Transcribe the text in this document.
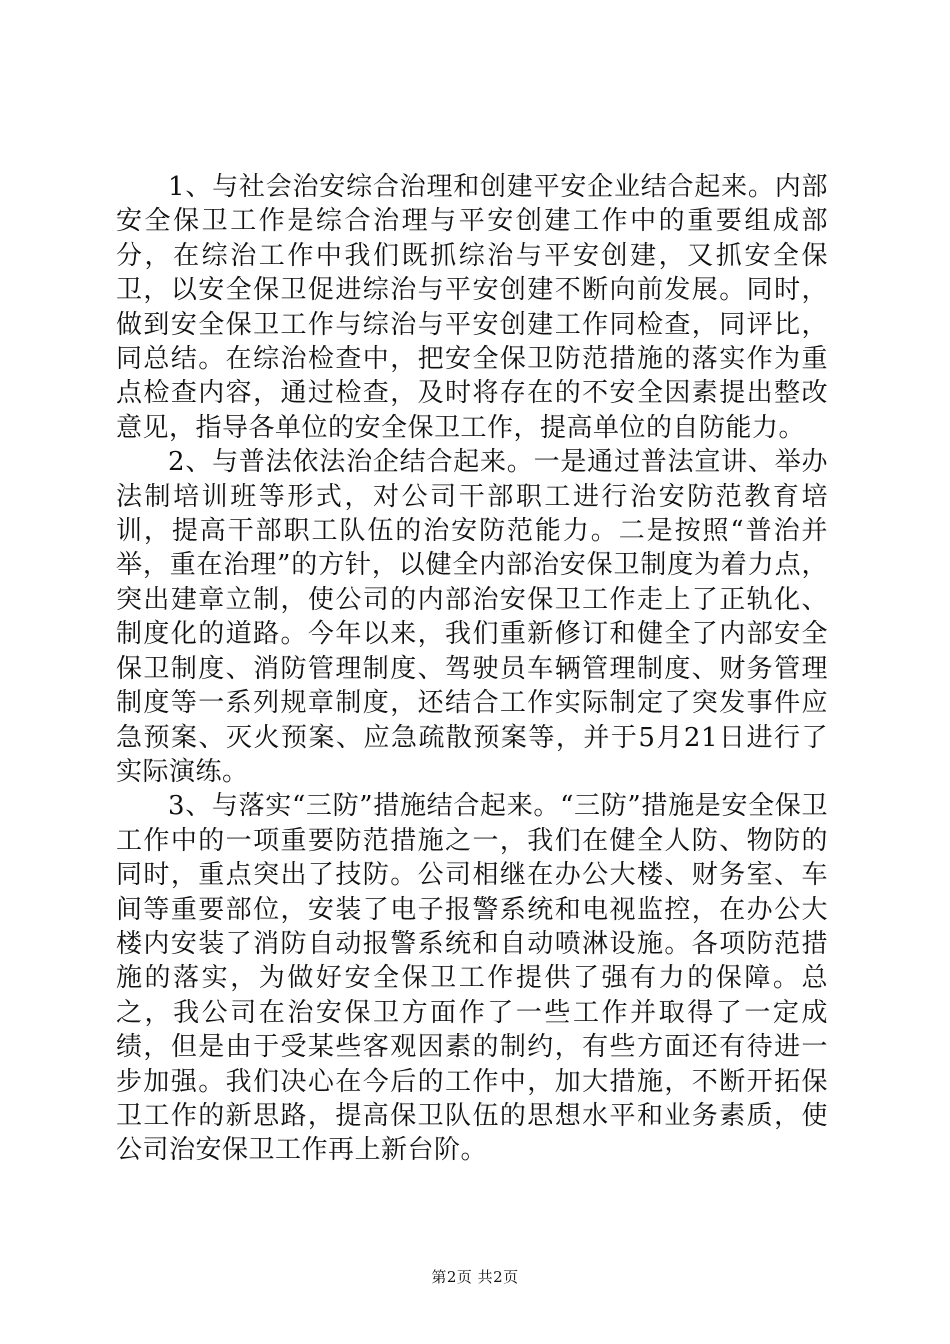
1、与社会治安综合治理和创建平安企业结合起来。内部安全保卫工作是综合治理与平安创建工作中的重要组成部分，在综治工作中我们既抓综治与平安创建，又抓安全保卫，以安全保卫促进综治与平安创建不断向前发展。同时，做到安全保卫工作与综治与平安创建工作同检查，同评比，同总结。在综治检查中，把安全保卫防范措施的落实作为重点检查内容，通过检查，及时将存在的不安全因素提出整改意见，指导各单位的安全保卫工作，提高单位的自防能力。

2、与普法依法治企结合起来。一是通过普法宣讲、举办法制培训班等形式，对公司干部职工进行治安防范教育培训，提高干部职工队伍的治安防范能力。二是按照“普治并举，重在治理”的方针，以健全内部治安保卫制度为着力点，突出建章立制，使公司的内部治安保卫工作走上了正轨化、制度化的道路。今年以来，我们重新修订和健全了内部安全保卫制度、消防管理制度、驾驶员车辆管理制度、财务管理制度等一系列规章制度，还结合工作实际制定了突发事件应急预案、灭火预案、应急疏散预案等，并于5月21日进行了实际演练。

3、与落实“三防”措施结合起来。“三防”措施是安全保卫工作中的一项重要防范措施之一，我们在健全人防、物防的同时，重点突出了技防。公司相继在办公大楼、财务室、车间等重要部位，安装了电子报警系统和电视监控，在办公大楼内安装了消防自动报警系统和自动喷淋设施。各项防范措施的落实，为做好安全保卫工作提供了强有力的保障。总之，我公司在治安保卫方面作了一些工作并取得了一定成绩，但是由于受某些客观因素的制约，有些方面还有待进一步加强。我们决心在今后的工作中，加大措施，不断开拓保卫工作的新思路，提高保卫队伍的思想水平和业务素质，使公司治安保卫工作再上新台阶。

第2页 共2页
